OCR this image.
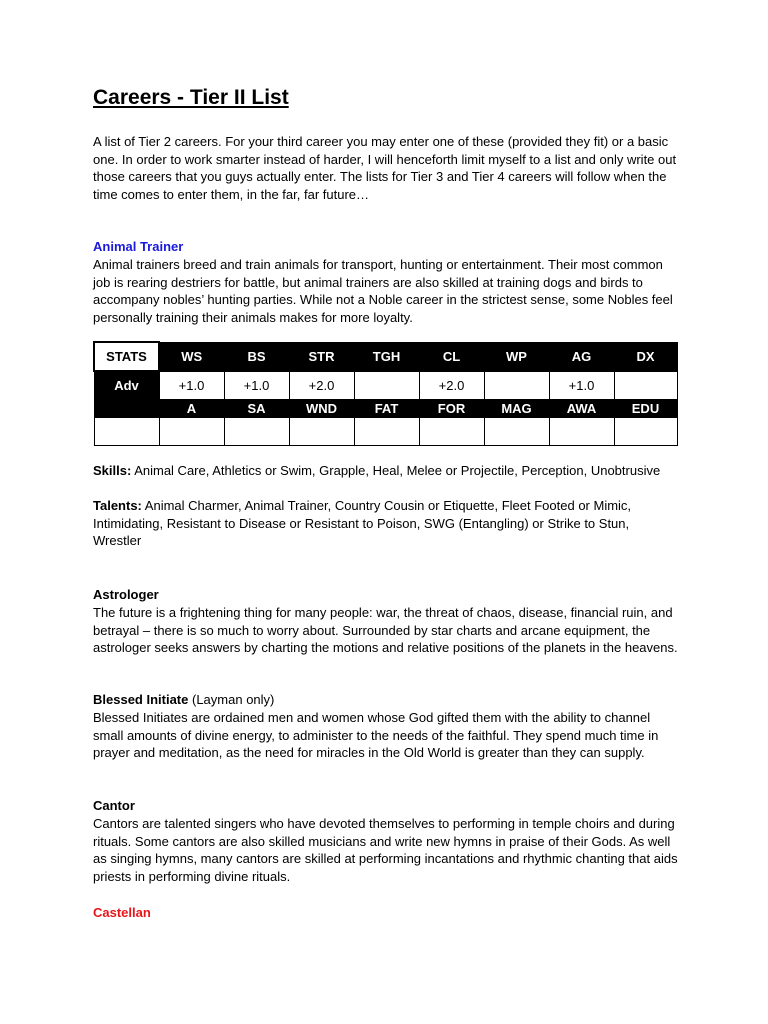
Careers - Tier II List

A list of Tier 2 careers. For your third career you may enter one of these (provided they fit) or a basic one. In order to work smarter instead of harder, I will henceforth limit myself to a list and only write out those careers that you guys actually enter. The lists for Tier 3 and Tier 4 careers will follow when the time comes to enter them, in the far, far future…

Animal Trainer

Animal trainers breed and train animals for transport, hunting or entertainment. Their most common job is rearing destriers for battle, but animal trainers are also skilled at training dogs and birds to accompany nobles’ hunting parties. While not a Noble career in the strictest sense, some Nobles feel personally training their animals makes for more loyalty.

STATS	WS	BS	STR	TGH	CL	WP	AG	DX
Adv	+1.0	+1.0	+2.0		+2.0		+1.0	
	A	SA	WND	FAT	FOR	MAG	AWA	EDU

Skills: Animal Care, Athletics or Swim, Grapple, Heal, Melee or Projectile, Perception, Unobtrusive

Talents: Animal Charmer, Animal Trainer, Country Cousin or Etiquette, Fleet Footed or Mimic, Intimidating, Resistant to Disease or Resistant to Poison, SWG (Entangling) or Strike to Stun, Wrestler

Astrologer

The future is a frightening thing for many people: war, the threat of chaos, disease, financial ruin, and betrayal – there is so much to worry about. Surrounded by star charts and arcane equipment, the astrologer seeks answers by charting the motions and relative positions of the planets in the heavens.

Blessed Initiate (Layman only)

Blessed Initiates are ordained men and women whose God gifted them with the ability to channel small amounts of divine energy, to administer to the needs of the faithful. They spend much time in prayer and meditation, as the need for miracles in the Old World is greater than they can supply.

Cantor

Cantors are talented singers who have devoted themselves to performing in temple choirs and during rituals. Some cantors are also skilled musicians and write new hymns in praise of their Gods. As well as singing hymns, many cantors are skilled at performing incantations and rhythmic chanting that aids priests in performing divine rituals.

Castellan
